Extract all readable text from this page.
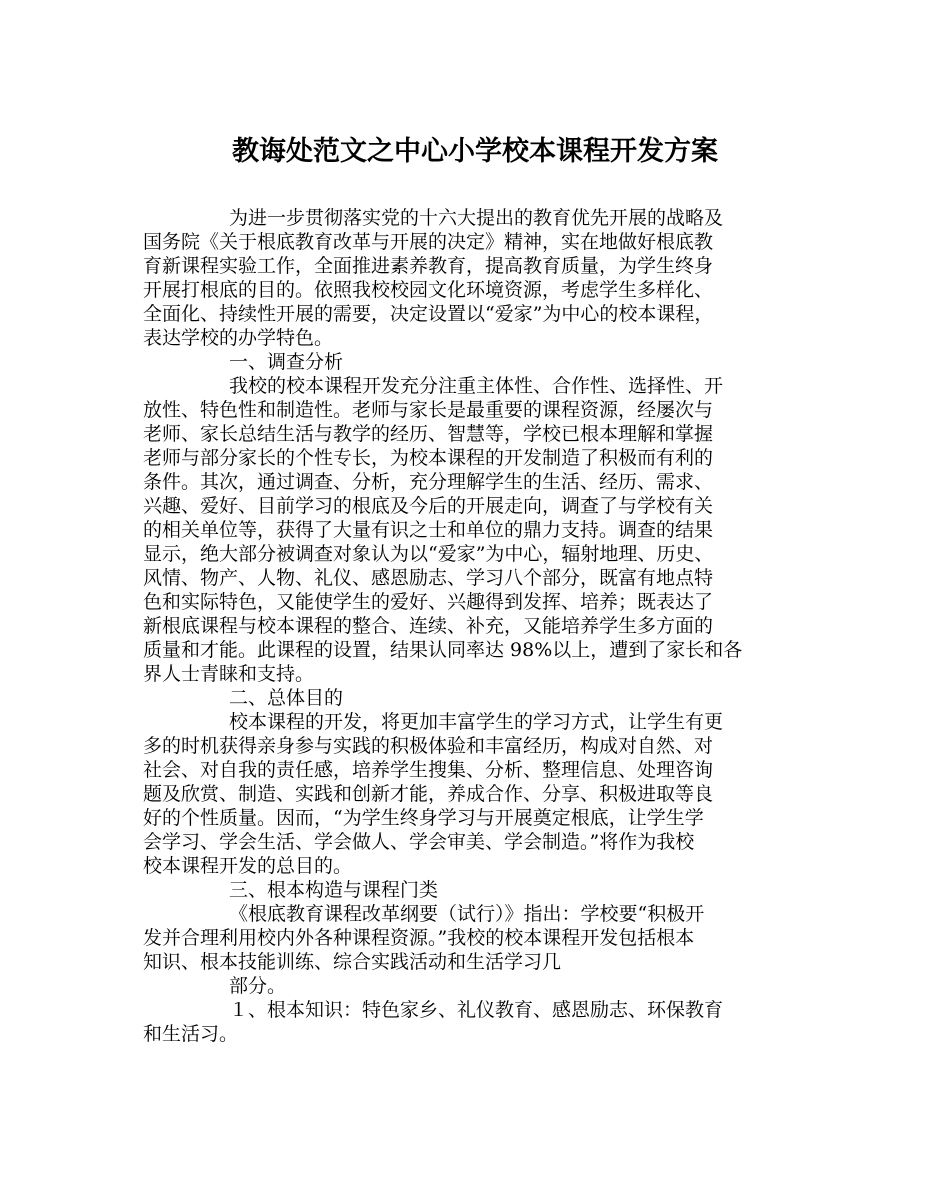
教诲处范文之中心小学校本课程开发方案
为进一步贯彻落实党的十六大提出的教育优先开展的战略及
国务院《关于根底教育改革与开展的决定》精神，实在地做好根底教
育新课程实验工作，全面推进素养教育，提高教育质量，为学生终身
开展打根底的目的。依照我校校园文化环境资源，考虑学生多样化、
全面化、持续性开展的需要，决定设置以“爱家”为中心的校本课程，
表达学校的办学特色。
一、调查分析
我校的校本课程开发充分注重主体性、合作性、选择性、开
放性、特色性和制造性。老师与家长是最重要的课程资源，经屡次与
老师、家长总结生活与教学的经历、智慧等，学校已根本理解和掌握
老师与部分家长的个性专长，为校本课程的开发制造了积极而有利的
条件。其次，通过调查、分析，充分理解学生的生活、经历、需求、
兴趣、爱好、目前学习的根底及今后的开展走向，调查了与学校有关
的相关单位等，获得了大量有识之士和单位的鼎力支持。调查的结果
显示，绝大部分被调查对象认为以“爱家”为中心，辐射地理、历史、
风情、物产、人物、礼仪、感恩励志、学习八个部分，既富有地点特
色和实际特色，又能使学生的爱好、兴趣得到发挥、培养；既表达了
新根底课程与校本课程的整合、连续、补充，又能培养学生多方面的
质量和才能。此课程的设置，结果认同率达 98%以上，遭到了家长和各
界人士青睐和支持。
二、总体目的
校本课程的开发，将更加丰富学生的学习方式，让学生有更
多的时机获得亲身参与实践的积极体验和丰富经历，构成对自然、对
社会、对自我的责任感，培养学生搜集、分析、整理信息、处理咨询
题及欣赏、制造、实践和创新才能，养成合作、分享、积极进取等良
好的个性质量。因而，“为学生终身学习与开展奠定根底，让学生学
会学习、学会生活、学会做人、学会审美、学会制造。”将作为我校
校本课程开发的总目的。
三、根本构造与课程门类
《根底教育课程改革纲要（试行）》指出：学校要“积极开
发并合理利用校内外各种课程资源。”我校的校本课程开发包括根本
知识、根本技能训练、综合实践活动和生活学习几
部分。
１、根本知识：特色家乡、礼仪教育、感恩励志、环保教育
和生活习。
